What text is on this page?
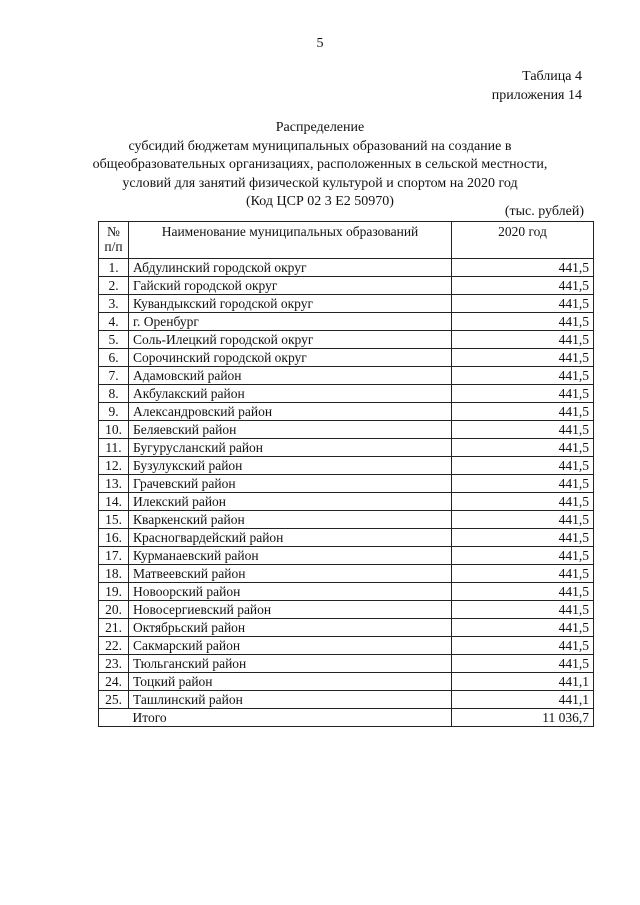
5
Таблица 4
приложения 14
Распределение
субсидий бюджетам муниципальных образований на создание в
общеобразовательных организациях, расположенных в сельской местности,
условий для занятий физической культурой и спортом на 2020 год
(Код ЦСР 02 3 Е2 50970)
(тыс. рублей)
№
п/п	Наименование муниципальных образований	2020 год
1.	Абдулинский городской округ	441,5
2.	Гайский городской округ	441,5
3.	Кувандыкский городской округ	441,5
4.	г. Оренбург	441,5
5.	Соль-Илецкий городской округ	441,5
6.	Сорочинский городской округ	441,5
7.	Адамовский район	441,5
8.	Акбулакский район	441,5
9.	Александровский район	441,5
10.	Беляевский район	441,5
11.	Бугурусланский район	441,5
12.	Бузулукский район	441,5
13.	Грачевский район	441,5
14.	Илекский район	441,5
15.	Кваркенский район	441,5
16.	Красногвардейский район	441,5
17.	Курманаевский район	441,5
18.	Матвеевский район	441,5
19.	Новоорский район	441,5
20.	Новосергиевский район	441,5
21.	Октябрьский район	441,5
22.	Сакмарский район	441,5
23.	Тюльганский район	441,5
24.	Тоцкий район	441,1
25.	Ташлинский район	441,1
	Итого	11 036,7
